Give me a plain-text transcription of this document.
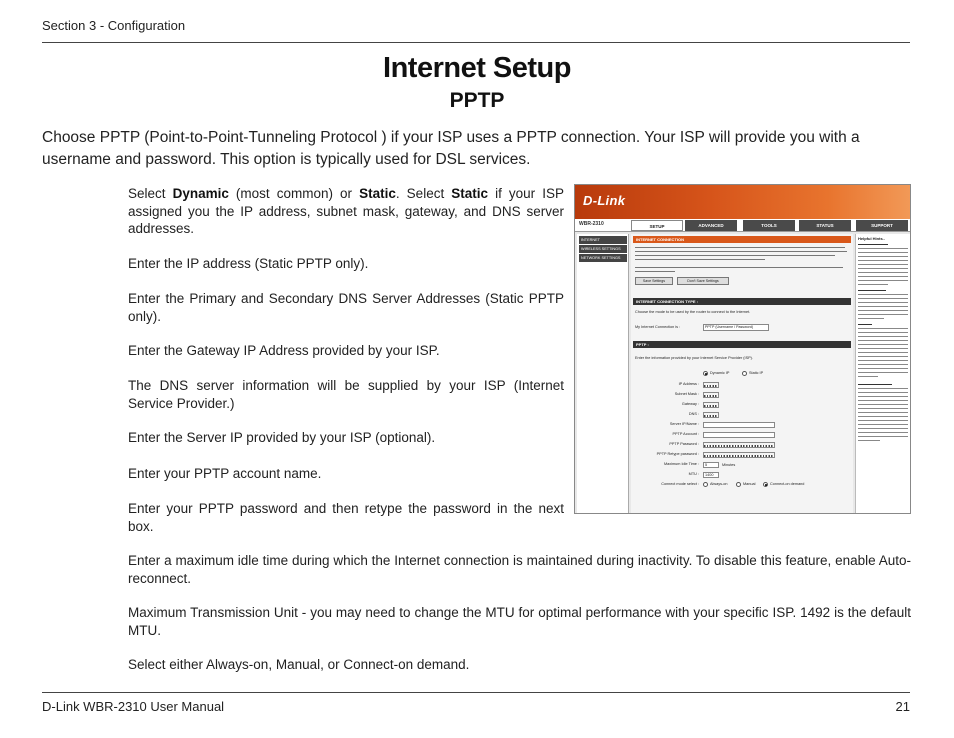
Section 3 - Configuration
Internet Setup
PPTP

Choose PPTP (Point-to-Point-Tunneling Protocol ) if your ISP uses a PPTP connection. Your ISP will provide you with a username and password. This option is typically used for DSL services.

Select Dynamic (most common) or Static. Select Static if your ISP assigned you the IP address, subnet mask, gateway, and DNS server addresses.
Enter the IP address (Static PPTP only).
Enter the Primary and Secondary DNS Server Addresses (Static PPTP only).
Enter the Gateway IP Address provided by your ISP.
The DNS server information will be supplied by your ISP (Internet Service Provider.)
Enter the Server IP provided by your ISP (optional).
Enter your PPTP account name.
Enter your PPTP password and then retype the password in the next box.

Enter a maximum idle time during which the Internet connection is maintained during inactivity. To disable this feature, enable Auto-reconnect.
Maximum Transmission Unit - you may need to change the MTU for optimal performance with your specific ISP. 1492 is the default MTU.
Select either Always-on, Manual, or Connect-on demand.
D-Link
WBR-2310	SETUP	ADVANCED	TOOLS	STATUS	SUPPORT
INTERNET
WIRELESS SETTINGS
NETWORK SETTINGS
INTERNET CONNECTION
Save Settings	Don't Save Settings
INTERNET CONNECTION TYPE :
Choose the mode to be used by the router to connect to the Internet.
My Internet Connection is :	PPTP (Username / Password)
PPTP :
Enter the information provided by your Internet Service Provider (ISP).
Dynamic IP	Static IP
IP Address :
Subnet Mask :
Gateway :
DNS :
Server IP/Name :
PPTP Account :
PPTP Password :
PPTP Retype password :
Maximum Idle Time : 5	Minutes
MTU : 1400
Connect mode select :	Always-on	Manual	Connect-on demand
Helpful Hints..
D-Link WBR-2310 User Manual	21
